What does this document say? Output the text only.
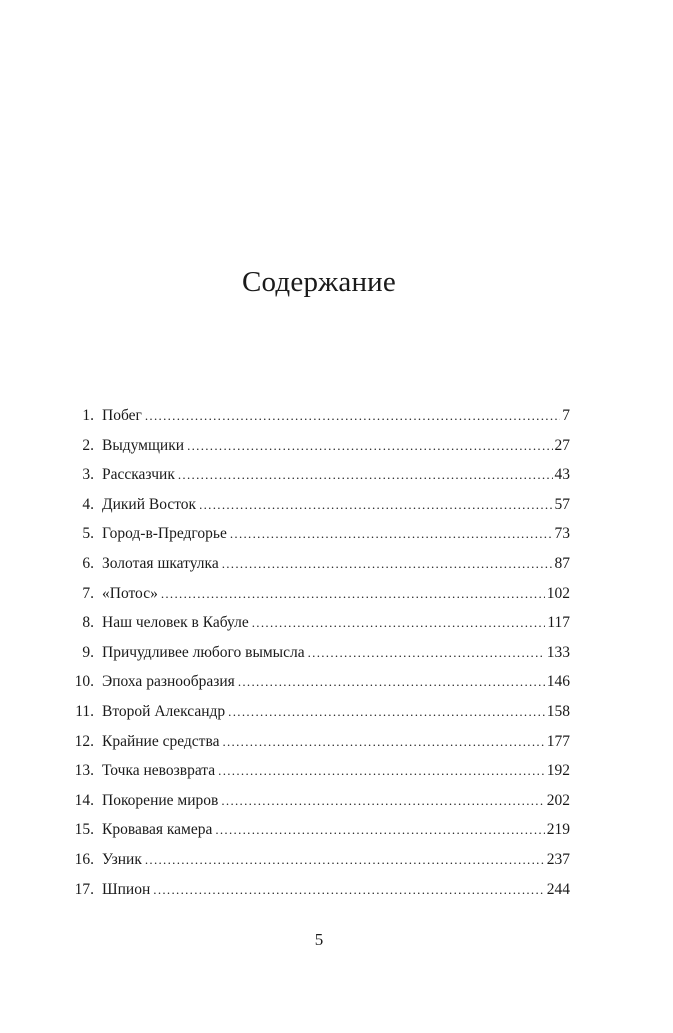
Содержание
1. Побег .....	7
2. Выдумщики .....	27
3. Рассказчик .....	43
4. Дикий Восток .....	57
5. Город-в-Предгорье .....	73
6. Золотая шкатулка .....	87
7. «Потос» .....	102
8. Наш человек в Кабуле .....	117
9. Причудливее любого вымысла .....	133
10. Эпоха разнообразия .....	146
11. Второй Александр .....	158
12. Крайние средства .....	177
13. Точка невозврата .....	192
14. Покорение миров .....	202
15. Кровавая камера .....	219
16. Узник .....	237
17. Шпион .....	244
5
